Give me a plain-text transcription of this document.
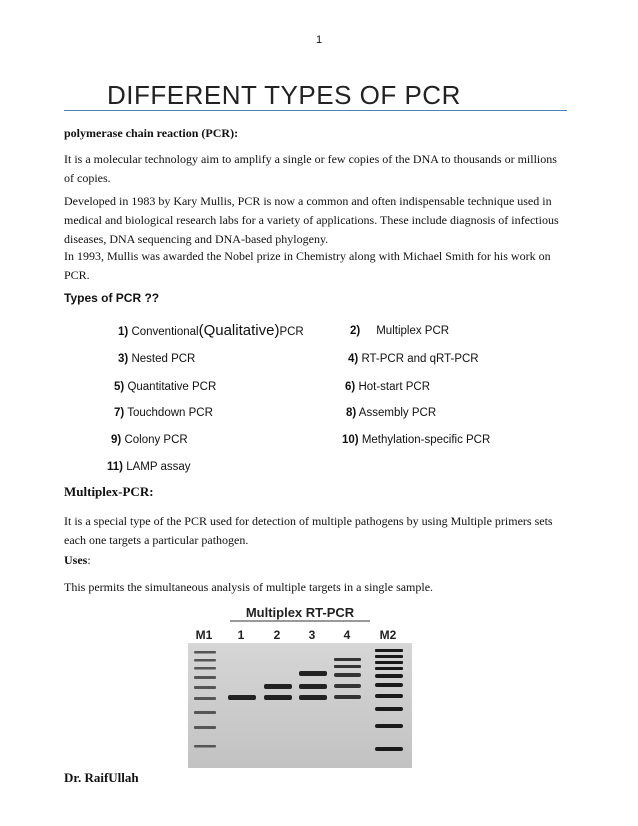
1
DIFFERENT TYPES OF PCR
polymerase chain reaction (PCR):
It is a molecular technology aim to amplify a single or few copies of the DNA to thousands or millions of copies.
Developed in 1983 by Kary Mullis, PCR is now a common and often indispensable technique used in medical and biological research labs for a variety of applications. These include diagnosis of infectious diseases, DNA sequencing and DNA-based phylogeny.
In 1993, Mullis was awarded the Nobel prize in Chemistry along with Michael Smith for his work on PCR.
Types of PCR ??
1) Conventional(Qualitative)PCR	2) Multiplex PCR
3) Nested PCR	4) RT-PCR and qRT-PCR
5) Quantitative PCR	6) Hot-start PCR
7) Touchdown PCR	8) Assembly PCR
9) Colony PCR	10) Methylation-specific PCR
11) LAMP assay
Multiplex-PCR:
It is a special type of the PCR used for detection of multiple pathogens by using Multiple primers sets each one targets a particular pathogen.
Uses:
This permits the simultaneous analysis of multiple targets in a single sample.
Multiplex RT-PCR
M1 1 2 3 4 M2
Dr. RaifUllah
